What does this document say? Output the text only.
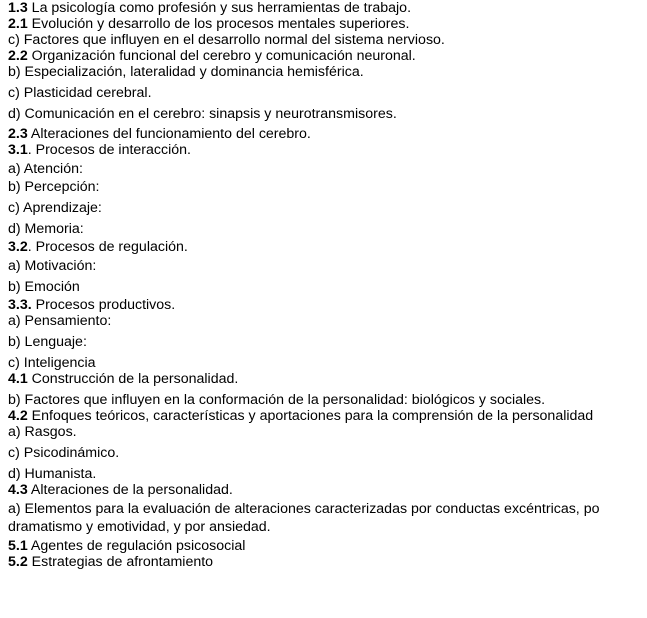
1.3 La psicología como profesión y sus herramientas de trabajo.
2.1 Evolución y desarrollo de los procesos mentales superiores.
c) Factores que influyen en el desarrollo normal del sistema nervioso.
2.2 Organización funcional del cerebro y comunicación neuronal.
b) Especialización, lateralidad y dominancia hemisférica.
c) Plasticidad cerebral.
d) Comunicación en el cerebro: sinapsis y neurotransmisores.
2.3 Alteraciones del funcionamiento del cerebro.
3.1. Procesos de interacción.
a) Atención:
b) Percepción:
c) Aprendizaje:
d) Memoria:
3.2. Procesos de regulación.
a) Motivación:
b) Emoción
3.3. Procesos productivos.
a) Pensamiento:
b) Lenguaje:
c) Inteligencia
4.1 Construcción de la personalidad.
b) Factores que influyen en la conformación de la personalidad: biológicos y sociales.
4.2 Enfoques teóricos, características y aportaciones para la comprensión de la personalidad
a) Rasgos.
c) Psicodinámico.
d) Humanista.
4.3 Alteraciones de la personalidad.
a) Elementos para la evaluación de alteraciones caracterizadas por conductas excéntricas, po
dramatismo y emotividad, y por ansiedad.
5.1 Agentes de regulación psicosocial
5.2 Estrategias de afrontamiento
